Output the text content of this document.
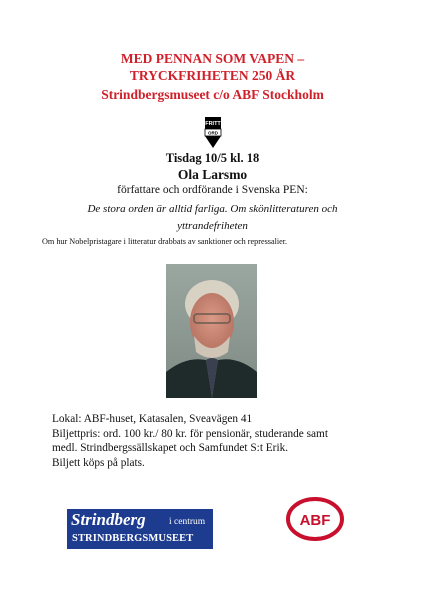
MED PENNAN SOM VAPEN –
TRYCKFRIHETEN 250 ÅR
Strindbergsmuseet c/o ABF Stockholm
FRITT
ORD
Tisdag 10/5 kl. 18
Ola Larsmo
författare och ordförande i Svenska PEN:
De stora orden är alltid farliga. Om skönlitteraturen och
yttrandefriheten
Om hur Nobelpristagare i litteratur drabbats av sanktioner och repressalier.
Lokal: ABF-huset, Katasalen, Sveavägen 41
Biljettpris: ord. 100 kr./ 80 kr. för pensionär, studerande samt
medl. Strindbergssällskapet och Samfundet S:t Erik.
Biljett köps på plats.
Strindberg i centrum
STRINDBERGSMUSEET
ABF
